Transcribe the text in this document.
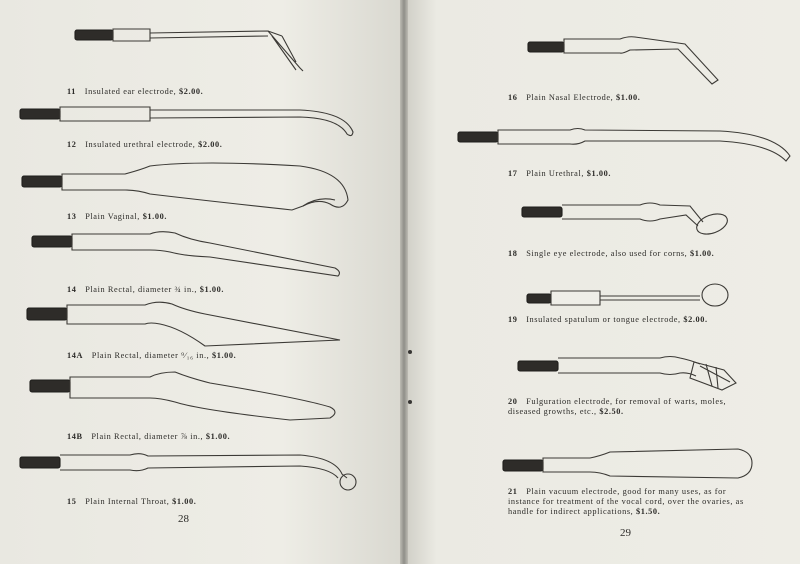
11 Insulated ear electrode, $2.00.
12 Insulated urethral electrode, $2.00.
13 Plain Vaginal, $1.00.
14 Plain Rectal, diameter ¾ in., $1.00.
14A Plain Rectal, diameter ⁹⁄₁₆ in., $1.00.
14B Plain Rectal, diameter ⅞ in., $1.00.
15 Plain Internal Throat, $1.00.
28
16 Plain Nasal Electrode, $1.00.
17 Plain Urethral, $1.00.
18 Single eye electrode, also used for corns, $1.00.
19 Insulated spatulum or tongue electrode, $2.00.
20 Fulguration electrode, for removal of warts, moles, diseased growths, etc., $2.50.
21 Plain vacuum electrode, good for many uses, as for instance for treatment of the vocal cord, over the ovaries, as handle for indirect applications, $1.50.
29
